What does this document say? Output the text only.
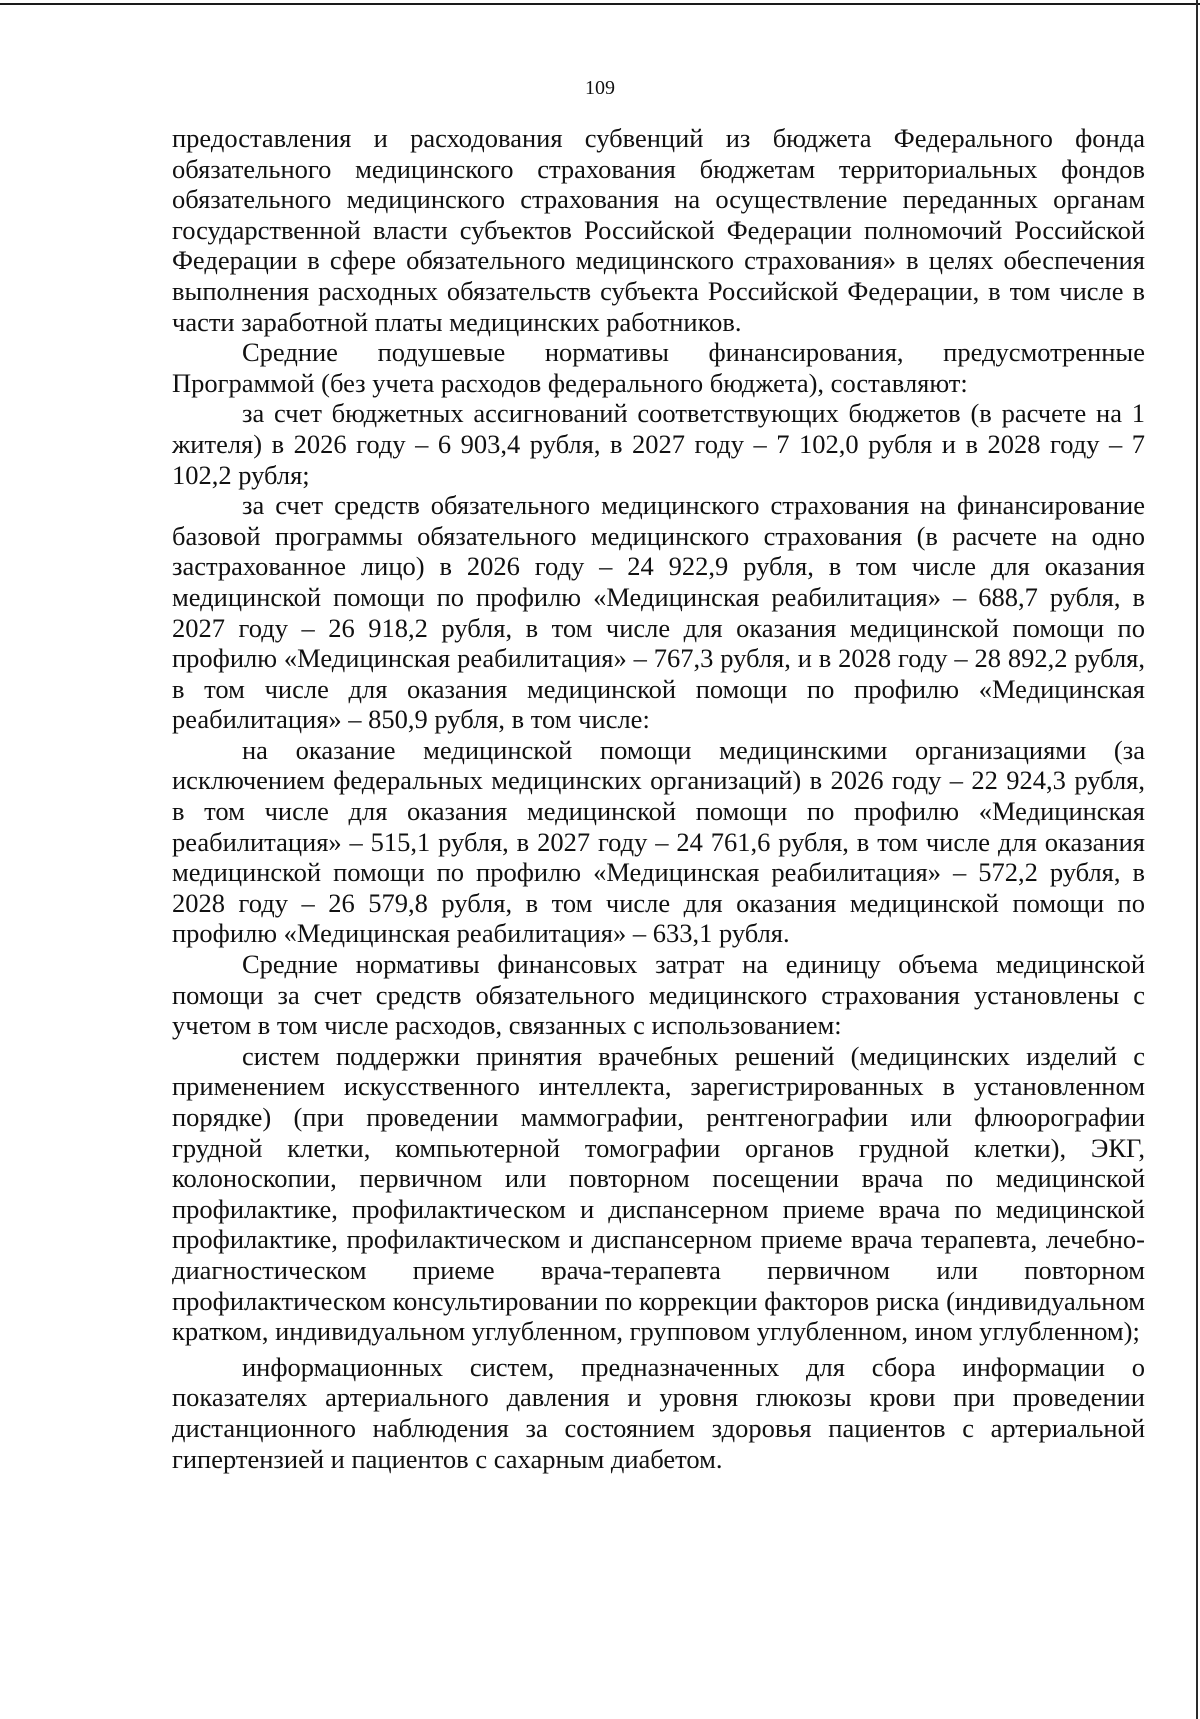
109

предоставления и расходования субвенций из бюджета Федерального фонда обязательного медицинского страхования бюджетам территориальных фондов обязательного медицинского страхования на осуществление переданных органам государственной власти субъектов Российской Федерации полномочий Российской Федерации в сфере обязательного медицинского страхования» в целях обеспечения выполнения расходных обязательств субъекта Российской Федерации, в том числе в части заработной платы медицинских работников.

Средние подушевые нормативы финансирования, предусмотренные Программой (без учета расходов федерального бюджета), составляют:

за счет бюджетных ассигнований соответствующих бюджетов (в расчете на 1 жителя) в 2026 году – 6 903,4 рубля, в 2027 году – 7 102,0 рубля и в 2028 году – 7 102,2 рубля;

за счет средств обязательного медицинского страхования на финансирование базовой программы обязательного медицинского страхования (в расчете на одно застрахованное лицо) в 2026 году – 24 922,9 рубля, в том числе для оказания медицинской помощи по профилю «Медицинская реабилитация» – 688,7 рубля, в 2027 году – 26 918,2 рубля, в том числе для оказания медицинской помощи по профилю «Медицинская реабилитация» – 767,3 рубля, и в 2028 году – 28 892,2 рубля, в том числе для оказания медицинской помощи по профилю «Медицинская реабилитация» – 850,9 рубля, в том числе:

на оказание медицинской помощи медицинскими организациями (за исключением федеральных медицинских организаций) в 2026 году – 22 924,3 рубля, в том числе для оказания медицинской помощи по профилю «Медицинская реабилитация» – 515,1 рубля, в 2027 году – 24 761,6 рубля, в том числе для оказания медицинской помощи по профилю «Медицинская реабилитация» – 572,2 рубля, в 2028 году – 26 579,8 рубля, в том числе для оказания медицинской помощи по профилю «Медицинская реабилитация» – 633,1 рубля.

Средние нормативы финансовых затрат на единицу объема медицинской помощи за счет средств обязательного медицинского страхования установлены с учетом в том числе расходов, связанных с использованием:

систем поддержки принятия врачебных решений (медицинских изделий с применением искусственного интеллекта, зарегистрированных в установленном порядке) (при проведении маммографии, рентгенографии или флюорографии грудной клетки, компьютерной томографии органов грудной клетки), ЭКГ, колоноскопии, первичном или повторном посещении врача по медицинской профилактике, профилактическом и диспансерном приеме врача по медицинской профилактике, профилактическом и диспансерном приеме врача терапевта, лечебно-диагностическом приеме врача-терапевта первичном или повторном профилактическом консультировании по коррекции факторов риска (индивидуальном кратком, индивидуальном углубленном, групповом углубленном, ином углубленном);

информационных систем, предназначенных для сбора информации о показателях артериального давления и уровня глюкозы крови при проведении дистанционного наблюдения за состоянием здоровья пациентов с артериальной гипертензией и пациентов с сахарным диабетом.
